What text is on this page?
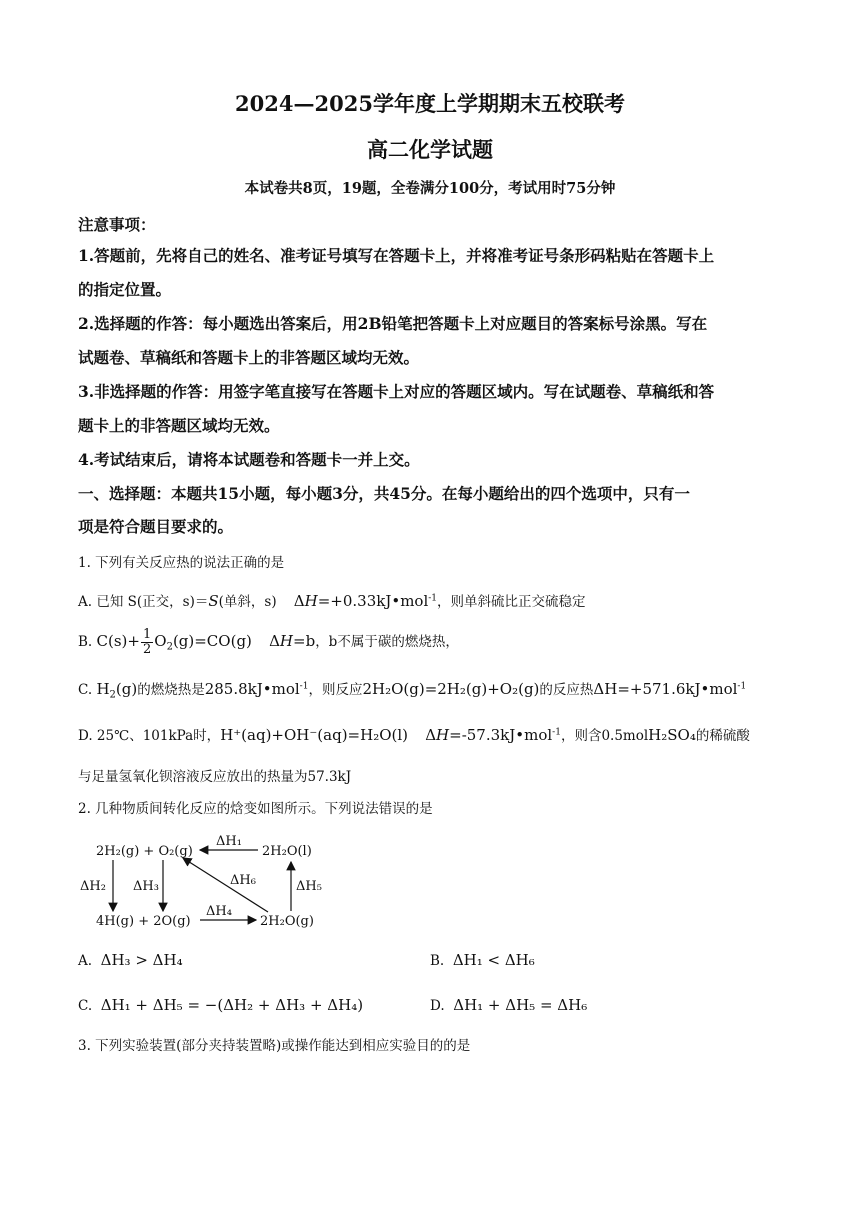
2024—2025学年度上学期期末五校联考
高二化学试题
本试卷共8页，19题，全卷满分100分，考试用时75分钟
注意事项：
1.答题前，先将自己的姓名、准考证号填写在答题卡上，并将准考证号条形码粘贴在答题卡上
的指定位置。
2.选择题的作答：每小题选出答案后，用2B铅笔把答题卡上对应题目的答案标号涂黑。写在
试题卷、草稿纸和答题卡上的非答题区域均无效。
3.非选择题的作答：用签字笔直接写在答题卡上对应的答题区域内。写在试题卷、草稿纸和答
题卡上的非答题区域均无效。
4.考试结束后，请将本试题卷和答题卡一并上交。
一、选择题：本题共15小题，每小题3分，共45分。在每小题给出的四个选项中，只有一
项是符合题目要求的。
1. 下列有关反应热的说法正确的是
A. 已知 S(正交，s)＝S(单斜，s) ΔH=+0.33kJ•mol$^{-1}$，则单斜硫比正交硫稳定
B. $C(s)+ \frac{1}{2} O_2(g)=CO(g)$ ΔH=b，b不属于碳的燃烧热，
C. $H_2(g)$的燃烧热是285.8kJ•mol$^{-1}$，则反应2H₂O(g)=2H₂(g)+O₂(g)的反应热ΔH=+571.6kJ•mol$^{-1}$
D. 25℃、101kPa时，H⁺(aq)+OH⁻(aq)=H₂O(l) ΔH=-57.3kJ•mol$^{-1}$，则含0.5molH₂SO₄的稀硫酸
与足量氢氧化钡溶液反应放出的热量为57.3kJ
2. 几种物质间转化反应的焓变如图所示。下列说法错误的是
2H₂(g) + O₂(g)	2H₂O(l)
4H(g) + 2O(g)	2H₂O(g)
ΔH₁
ΔH₂ ΔH₃
ΔH₄
ΔH₅
ΔH₆
A. ΔH₃ > ΔH₄	B. ΔH₁ < ΔH₆
C. ΔH₁ + ΔH₅ = −(ΔH₂ + ΔH₃ + ΔH₄)	D. ΔH₁ + ΔH₅ = ΔH₆
3. 下列实验装置(部分夹持装置略)或操作能达到相应实验目的的是
